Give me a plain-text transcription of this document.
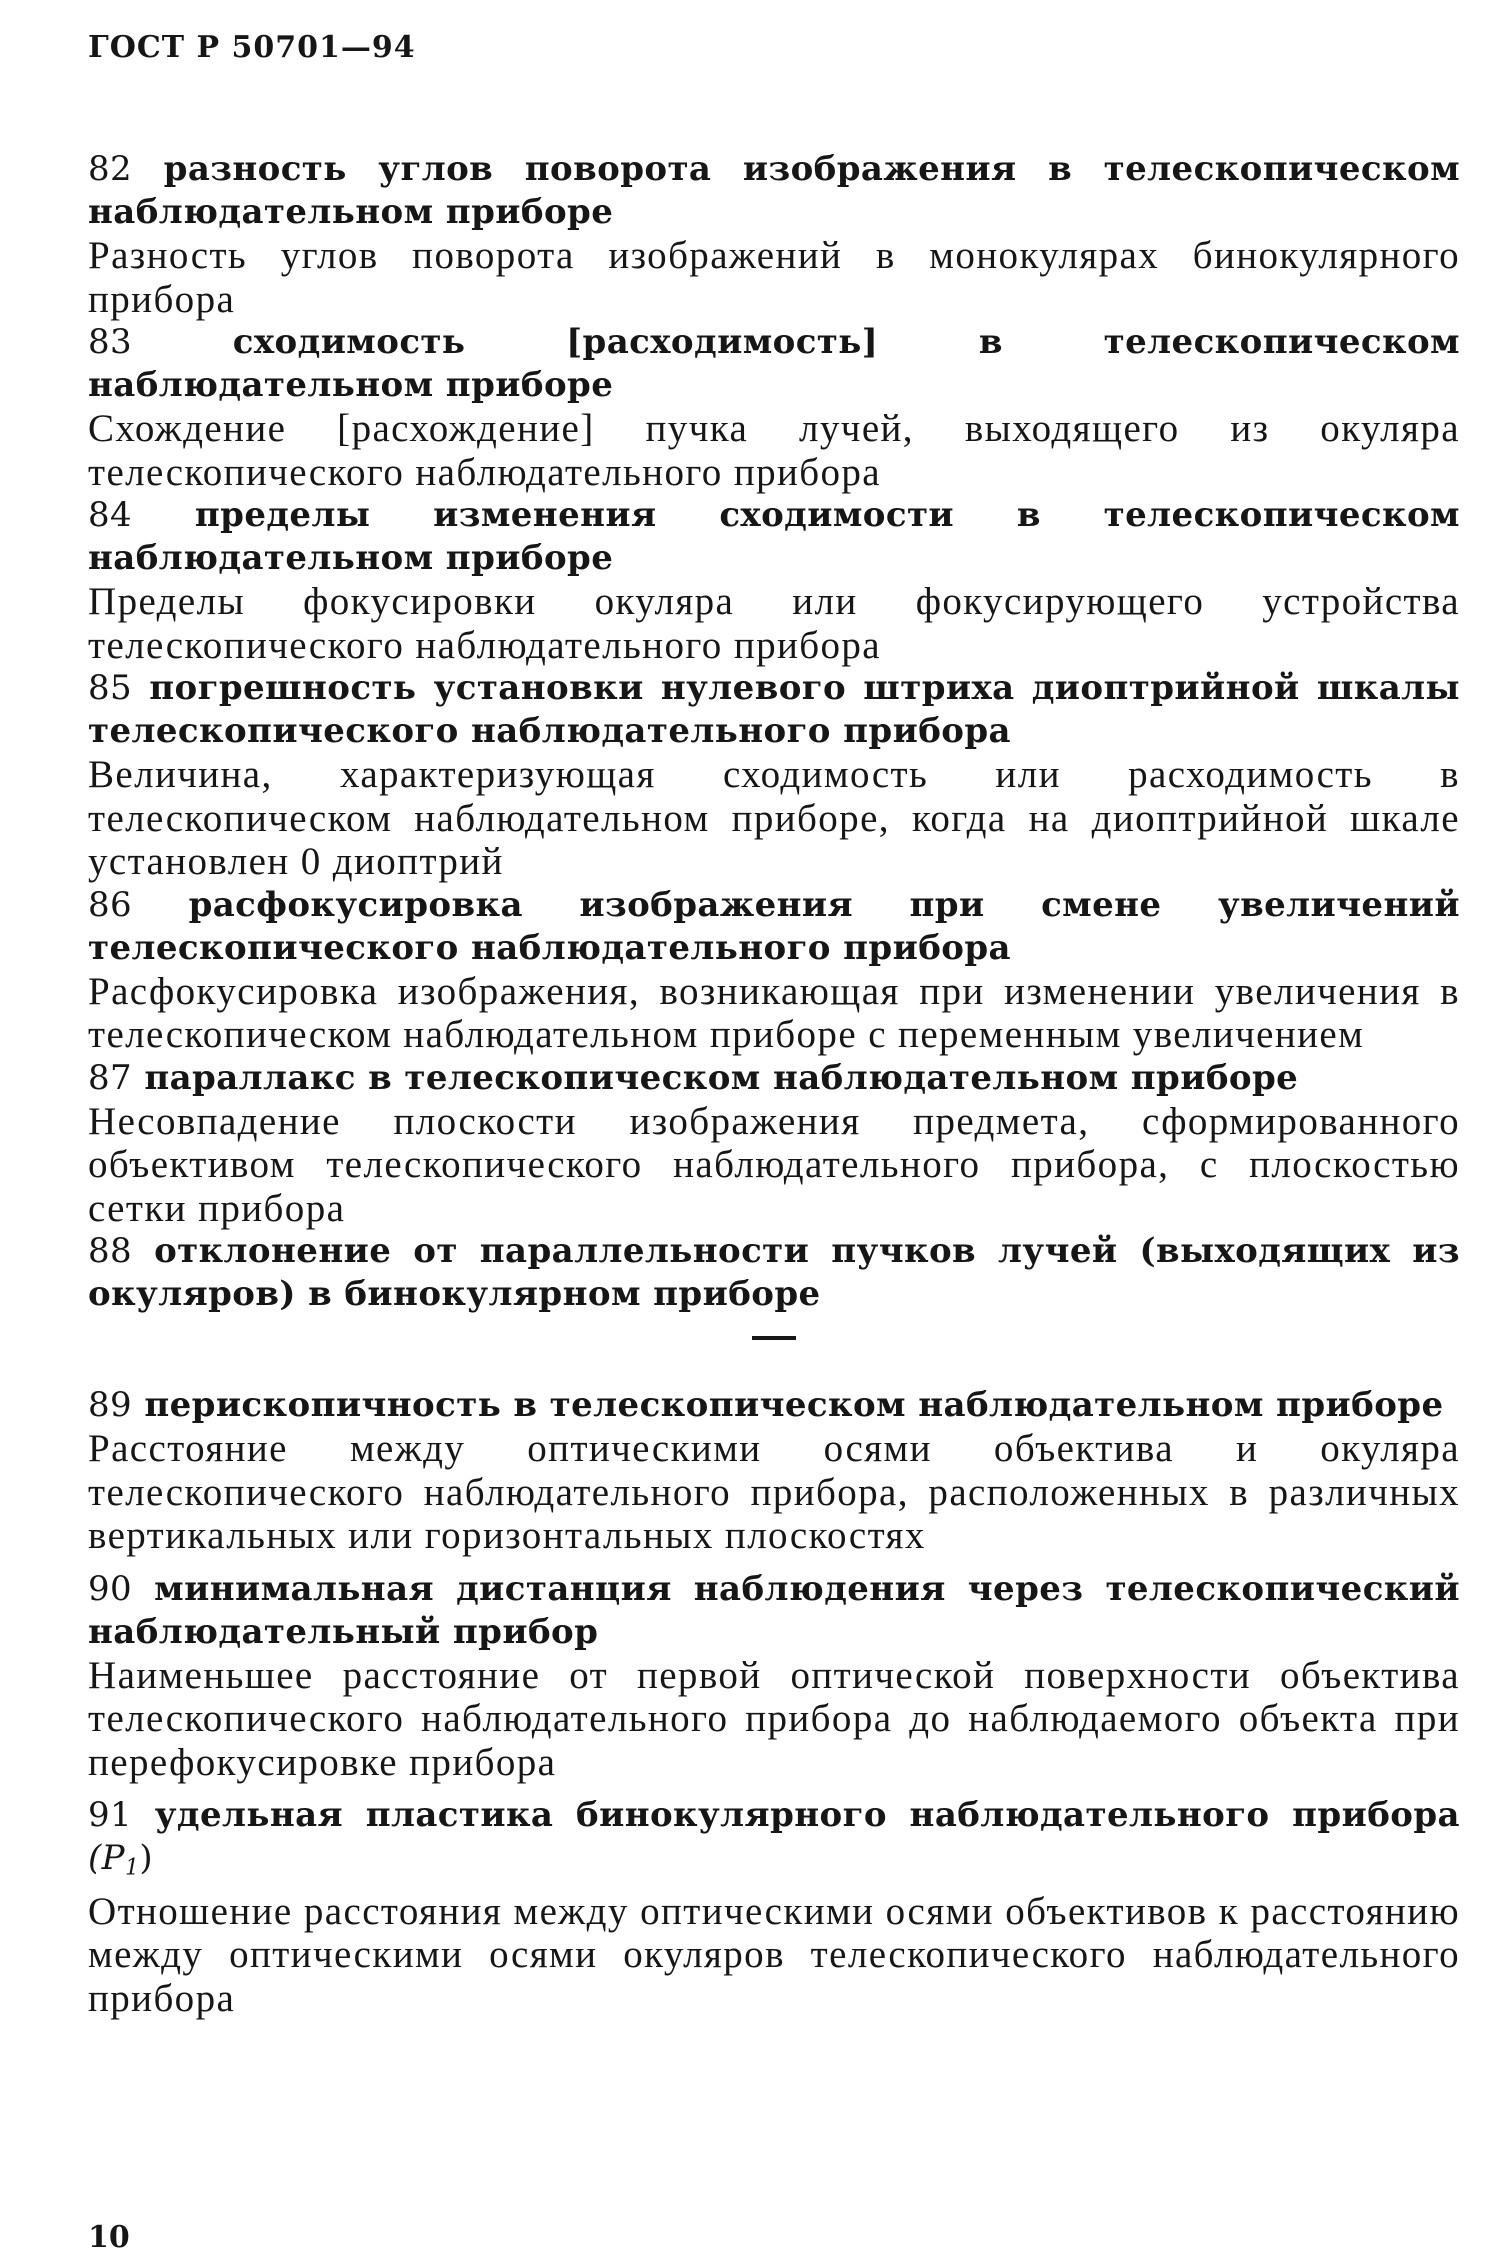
ГОСТ Р 50701—94
82 разность углов поворота изображения в телескопическом наблюдательном приборе
Разность углов поворота изображений в монокулярах бинокулярного прибора
83	сходимость [расходимость] в телескопическом наблюдательном приборе
Схождение [расхождение] пучка лучей, выходящего из окуляра телескопического наблюдательного прибора
84 пределы изменения сходимости в телескопическом наблюдательном приборе
Пределы фокусировки окуляра или фокусирующего устройства телескопического наблюдательного прибора
85 погрешность установки нулевого штриха диоптрийной шкалы телескопического наблюдательного прибора
Величина, характеризующая сходимость или расходимость в телескопическом наблюдательном приборе, когда на диоптрийной шкале установлен 0 диоптрий
86 расфокусировка изображения при смене увеличений телескопического наблюдательного прибора
Расфокусировка изображения, возникающая при изменении увеличения в телескопическом наблюдательном приборе с переменным увеличением
87 параллакс в телескопическом наблюдательном приборе
Несовпадение плоскости изображения предмета, сформированного объективом телескопического наблюдательного прибора, с плоскостью сетки прибора
88 отклонение от параллельности пучков лучей (выходящих из окуляров) в бинокулярном приборе
89 перископичность в телескопическом наблюдательном приборе
Расстояние между оптическими осями объектива и окуляра телескопического наблюдательного прибора, расположенных в различных вертикальных или горизонтальных плоскостях
90 минимальная дистанция наблюдения через телескопический наблюдательный прибор
Наименьшее расстояние от первой оптической поверхности объектива телескопического наблюдательного прибора до наблюдаемого объекта при перефокусировке прибора
91 удельная пластика бинокулярного наблюдательного прибора $(P_1)$
Отношение расстояния между оптическими осями объективов к расстоянию между оптическими осями окуляров телескопического наблюдательного прибора
10
